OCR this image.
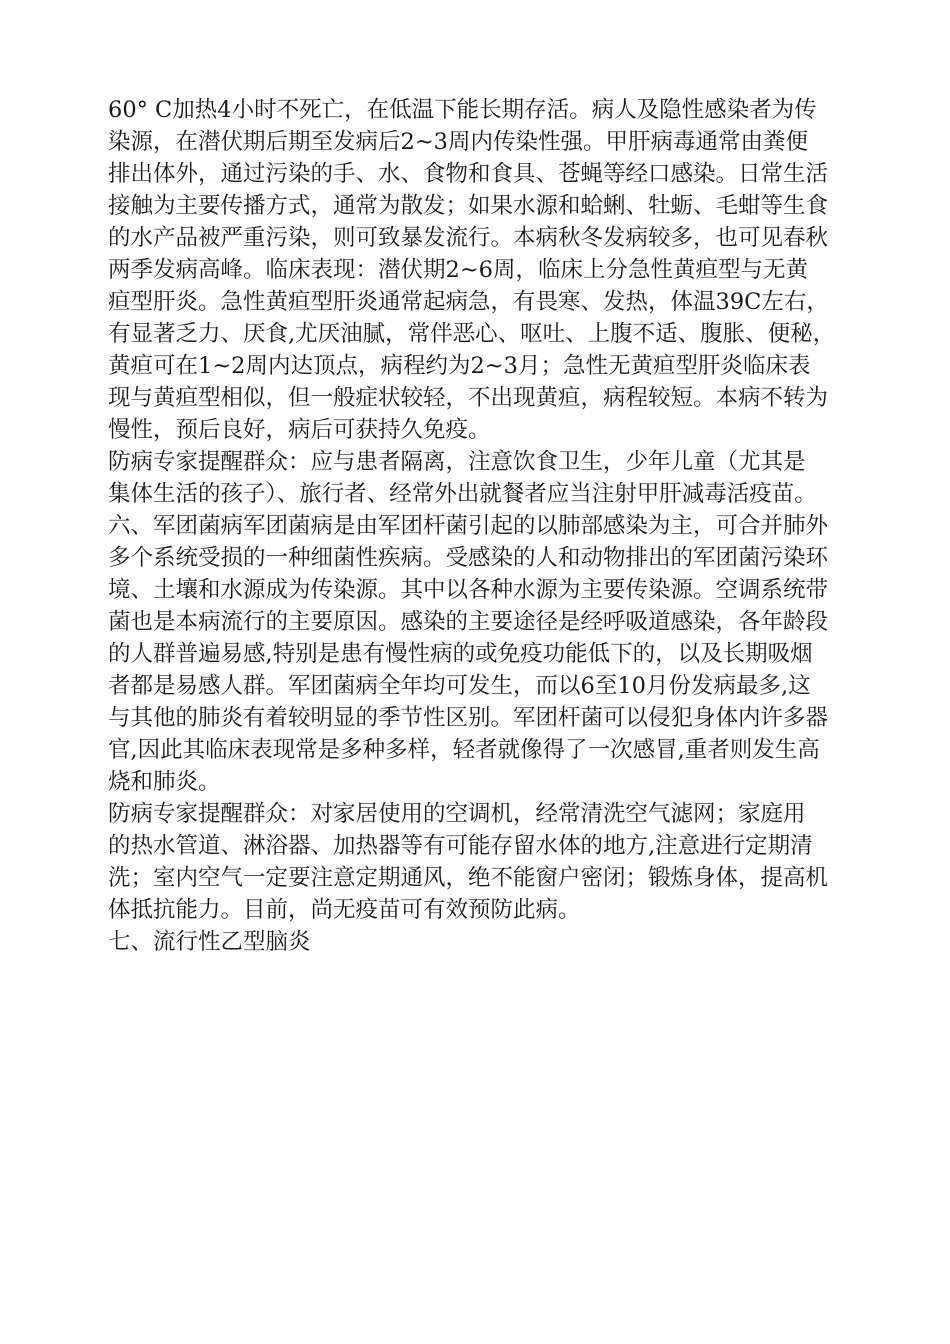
60° C加热4小时不死亡，在低温下能长期存活。病人及隐性感染者为传
染源，在潜伏期后期至发病后2~3周内传染性强。甲肝病毒通常由粪便
排出体外，通过污染的手、水、食物和食具、苍蝇等经口感染。日常生活
接触为主要传播方式，通常为散发；如果水源和蛤蜊、牡蛎、毛蚶等生食
的水产品被严重污染，则可致暴发流行。本病秋冬发病较多，也可见春秋
两季发病高峰。临床表现：潜伏期2~6周，临床上分急性黄疸型与无黄
疸型肝炎。急性黄疸型肝炎通常起病急，有畏寒、发热，体温39C左右，
有显著乏力、厌食,尤厌油腻，常伴恶心、呕吐、上腹不适、腹胀、便秘，
黄疸可在1~2周内达顶点，病程约为2~3月；急性无黄疸型肝炎临床表
现与黄疸型相似，但一般症状较轻，不出现黄疸，病程较短。本病不转为
慢性，预后良好，病后可获持久免疫。
防病专家提醒群众：应与患者隔离，注意饮食卫生，少年儿童（尤其是
集体生活的孩子）、旅行者、经常外出就餐者应当注射甲肝减毒活疫苗。
六、军团菌病军团菌病是由军团杆菌引起的以肺部感染为主，可合并肺外
多个系统受损的一种细菌性疾病。受感染的人和动物排出的军团菌污染环
境、土壤和水源成为传染源。其中以各种水源为主要传染源。空调系统带
菌也是本病流行的主要原因。感染的主要途径是经呼吸道感染，各年龄段
的人群普遍易感,特别是患有慢性病的或免疫功能低下的，以及长期吸烟
者都是易感人群。军团菌病全年均可发生，而以6至10月份发病最多,这
与其他的肺炎有着较明显的季节性区别。军团杆菌可以侵犯身体内许多器
官,因此其临床表现常是多种多样，轻者就像得了一次感冒,重者则发生高
烧和肺炎。
防病专家提醒群众：对家居使用的空调机，经常清洗空气滤网；家庭用
的热水管道、淋浴器、加热器等有可能存留水体的地方,注意进行定期清
洗；室内空气一定要注意定期通风，绝不能窗户密闭；锻炼身体，提高机
体抵抗能力。目前，尚无疫苗可有效预防此病。
七、流行性乙型脑炎
